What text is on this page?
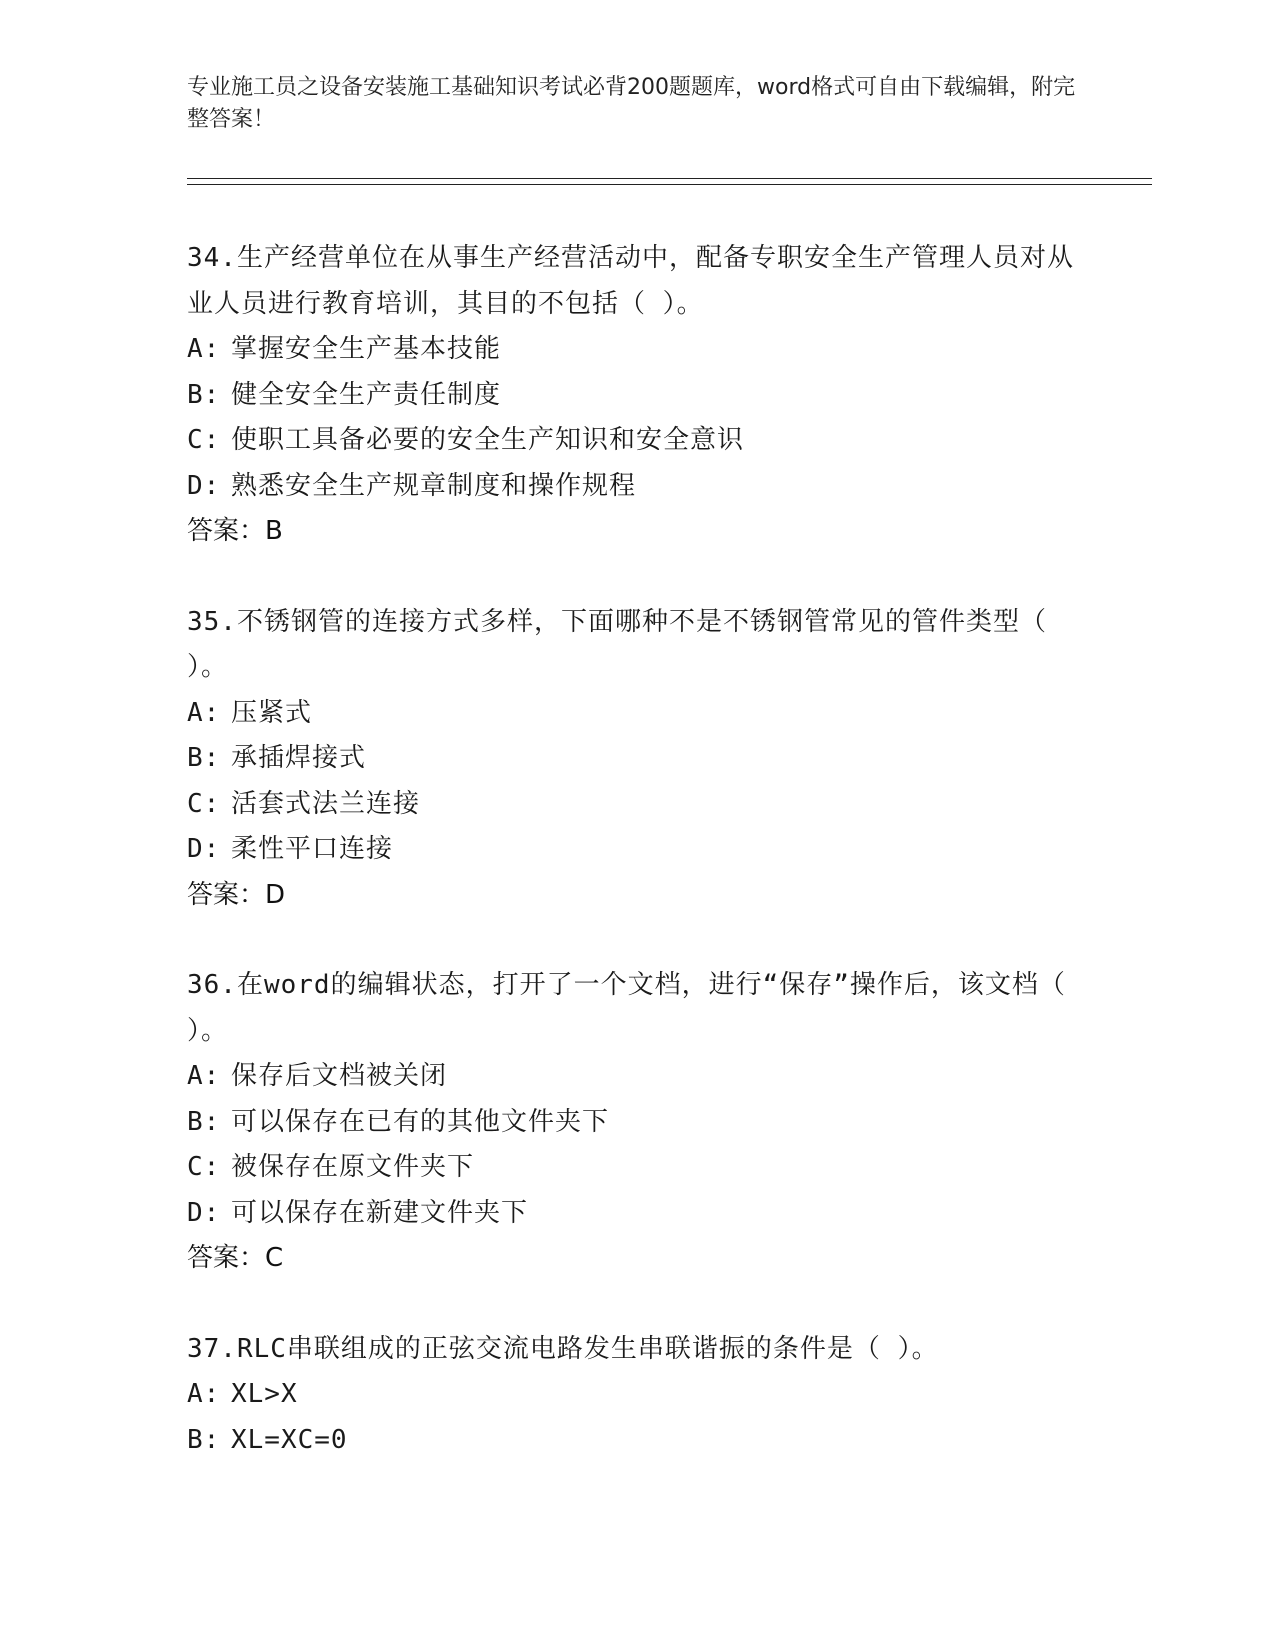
专业施工员之设备安装施工基础知识考试必背200题题库，word格式可自由下载编辑，附完整答案！
34.生产经营单位在从事生产经营活动中，配备专职安全生产管理人员对从业人员进行教育培训，其目的不包括（ ）。
A: 掌握安全生产基本技能
B: 健全安全生产责任制度
C: 使职工具备必要的安全生产知识和安全意识
D: 熟悉安全生产规章制度和操作规程
答案：B
35.不锈钢管的连接方式多样，下面哪种不是不锈钢管常见的管件类型（ ）。
A: 压紧式
B: 承插焊接式
C: 活套式法兰连接
D: 柔性平口连接
答案：D
36.在word的编辑状态，打开了一个文档，进行“保存”操作后，该文档（ ）。
A: 保存后文档被关闭
B: 可以保存在已有的其他文件夹下
C: 被保存在原文件夹下
D: 可以保存在新建文件夹下
答案：C
37.RLC串联组成的正弦交流电路发生串联谐振的条件是（ ）。
A: XL>X
B: XL=XC=0
